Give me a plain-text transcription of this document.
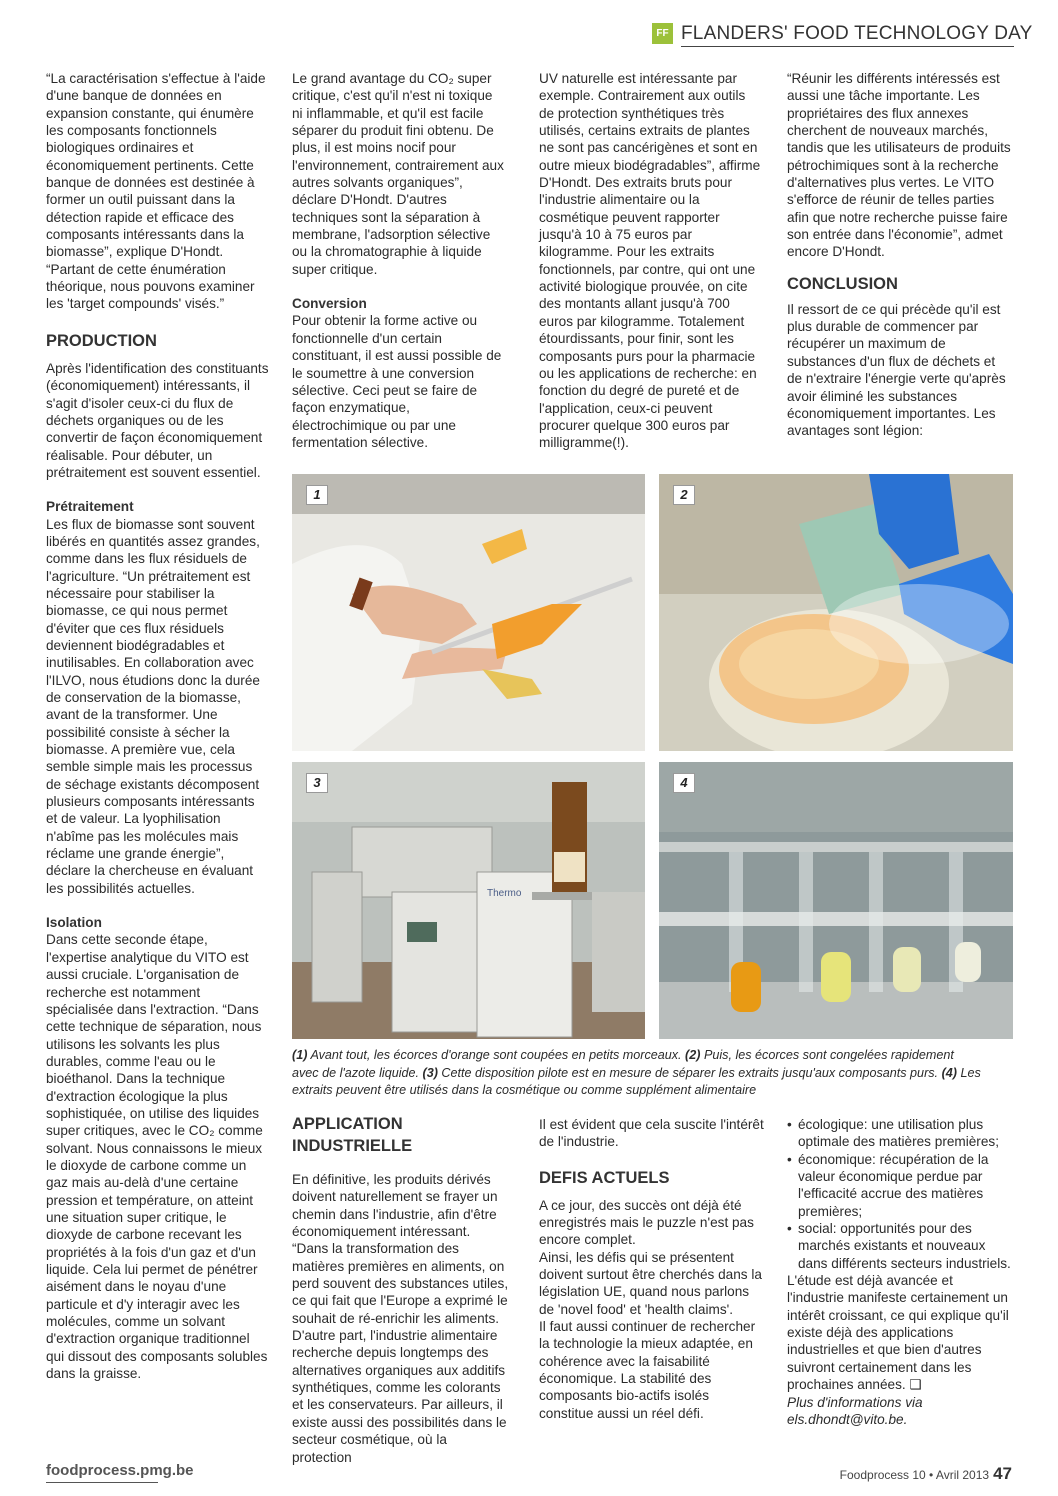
FF FLANDERS' FOOD TECHNOLOGY DAY

“La caractérisation s'effectue à l'aide d'une banque de données en expansion constante, qui énumère les composants fonctionnels biologiques ordinaires et économiquement pertinents. Cette banque de données est destinée à former un outil puissant dans la détection rapide et efficace des composants intéressants dans la biomasse”, explique D'Hondt. “Partant de cette énumération théorique, nous pouvons examiner les 'target compounds' visés.”

PRODUCTION

Après l'identification des constituants (économiquement) intéressants, il s'agit d'isoler ceux-ci du flux de déchets organiques ou de les convertir de façon économiquement réalisable. Pour débuter, un prétraitement est souvent essentiel.

Prétraitement

Les flux de biomasse sont souvent libérés en quantités assez grandes, comme dans les flux résiduels de l'agriculture. “Un prétraitement est nécessaire pour stabiliser la biomasse, ce qui nous permet d'éviter que ces flux résiduels deviennent biodégradables et inutilisables. En collaboration avec l'ILVO, nous étudions donc la durée de conservation de la biomasse, avant de la transformer. Une possibilité consiste à sécher la biomasse. A première vue, cela semble simple mais les processus de séchage existants décomposent plusieurs composants intéressants et de valeur. La lyophilisation n'abîme pas les molécules mais réclame une grande énergie”, déclare la chercheuse en évaluant les possibilités actuelles.

Isolation

Dans cette seconde étape, l'expertise analytique du VITO est aussi cruciale. L'organisation de recherche est notamment spécialisée dans l'extraction. “Dans cette technique de séparation, nous utilisons les solvants les plus durables, comme l'eau ou le bioéthanol. Dans la technique d'extraction écologique la plus sophistiquée, on utilise des liquides super critiques, avec le CO₂ comme solvant. Nous connaissons le mieux le dioxyde de carbone comme un gaz mais au-delà d'une certaine pression et température, on atteint une situation super critique, le dioxyde de carbone recevant les propriétés à la fois d'un gaz et d'un liquide. Cela lui permet de pénétrer aisément dans le noyau d'une particule et d'y interagir avec les molécules, comme un solvant d'extraction organique traditionnel qui dissout des composants solubles dans la graisse.

Le grand avantage du CO₂ super critique, c'est qu'il n'est ni toxique ni inflammable, et qu'il est facile séparer du produit fini obtenu. De plus, il est moins nocif pour l'environnement, contrairement aux autres solvants organiques”, déclare D'Hondt. D'autres techniques sont la séparation à membrane, l'adsorption sélective ou la chromatographie à liquide super critique.

Conversion

Pour obtenir la forme active ou fonctionnelle d'un certain constituant, il est aussi possible de le soumettre à une conversion sélective. Ceci peut se faire de façon enzymatique, électrochimique ou par une fermentation sélective.

UV naturelle est intéressante par exemple. Contrairement aux outils de protection synthétiques très utilisés, certains extraits de plantes ne sont pas cancérigènes et sont en outre mieux biodégradables”, affirme D'Hondt. Des extraits bruts pour l'industrie alimentaire ou la cosmétique peuvent rapporter jusqu'à 10 à 75 euros par kilogramme. Pour les extraits fonctionnels, par contre, qui ont une activité biologique prouvée, on cite des montants allant jusqu'à 700 euros par kilogramme. Totalement étourdissants, pour finir, sont les composants purs pour la pharmacie ou les applications de recherche: en fonction du degré de pureté et de l'application, ceux-ci peuvent procurer quelque 300 euros par milligramme(!).

“Réunir les différents intéressés est aussi une tâche importante. Les propriétaires des flux annexes cherchent de nouveaux marchés, tandis que les utilisateurs de produits pétrochimiques sont à la recherche d'alternatives plus vertes. Le VITO s'efforce de réunir de telles parties afin que notre recherche puisse faire son entrée dans l'économie”, admet encore D'Hondt.

CONCLUSION

Il ressort de ce qui précède qu'il est plus durable de commencer par récupérer un maximum de substances d'un flux de déchets et de n'extraire l'énergie verte qu'après avoir éliminé les substances économiquement importantes. Les avantages sont légion:

1	2
Thermo
3	4
(1) Avant tout, les écorces d'orange sont coupées en petits morceaux. (2) Puis, les écorces sont congelées rapidement avec de l'azote liquide. (3) Cette disposition pilote est en mesure de séparer les extraits jusqu'aux composants purs. (4) Les extraits peuvent être utilisés dans la cosmétique ou comme supplément alimentaire
APPLICATION INDUSTRIELLE

En définitive, les produits dérivés doivent naturellement se frayer un chemin dans l'industrie, afin d'être économiquement intéressant. “Dans la transformation des matières premières en aliments, on perd souvent des substances utiles, ce qui fait que l'Europe a exprimé le souhait de ré-enrichir les aliments. D'autre part, l'industrie alimentaire recherche depuis longtemps des alternatives organiques aux additifs synthétiques, comme les colorants et les conservateurs. Par ailleurs, il existe aussi des possibilités dans le secteur cosmétique, où la protection

Il est évident que cela suscite l'intérêt de l'industrie.

DEFIS ACTUELS

A ce jour, des succès ont déjà été enregistrés mais le puzzle n'est pas encore complet.

Ainsi, les défis qui se présentent doivent surtout être cherchés dans la législation UE, quand nous parlons de 'novel food' et 'health claims'.

Il faut aussi continuer de rechercher la technologie la mieux adaptée, en cohérence avec la faisabilité économique. La stabilité des composants bio-actifs isolés constitue aussi un réel défi.

• écologique: une utilisation plus optimale des matières premières;
• économique: récupération de la valeur économique perdue par l'efficacité accrue des matières premières;
• social: opportunités pour des marchés existants et nouveaux dans différents secteurs industriels.

L'étude est déjà avancée et l'industrie manifeste certainement un intérêt croissant, ce qui explique qu'il existe déjà des applications industrielles et que bien d'autres suivront certainement dans les prochaines années. ❑

Plus d'informations via

els.dhondt@vito.be.

foodprocess.pmg.be	Foodprocess 10 • Avril 2013 47
